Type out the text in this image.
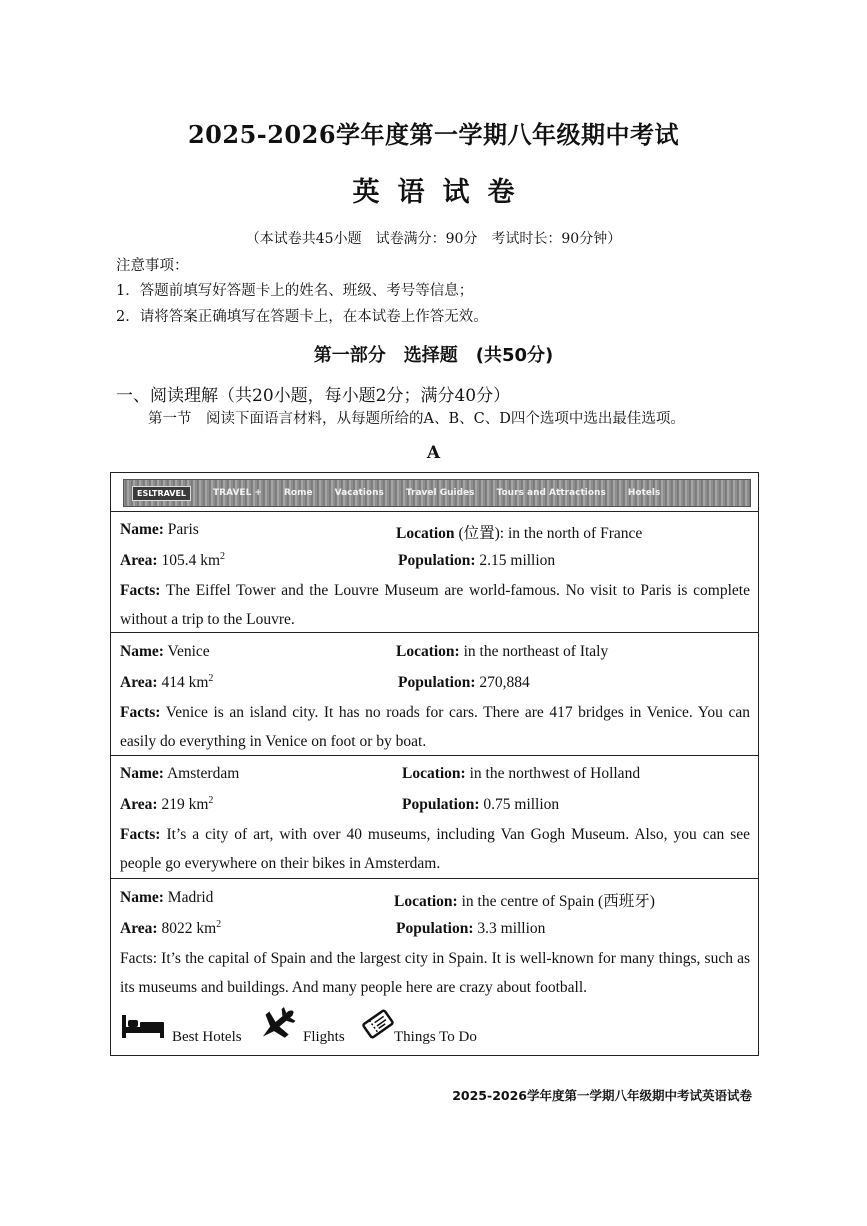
2025-2026学年度第一学期八年级期中考试
英语试卷
（本试卷共45小题　试卷满分：90分　考试时长：90分钟）
注意事项：
1．答题前填写好答题卡上的姓名、班级、考号等信息；
2．请将答案正确填写在答题卡上，在本试卷上作答无效。
第一部分　选择题　(共50分)
一、阅读理解（共20小题，每小题2分；满分40分）
第一节　阅读下面语言材料，从每题所给的A、B、C、D四个选项中选出最佳选项。
A
ESLTRAVEL	TRAVEL + Rome Vacations Travel Guides Tours and Attractions Hotels
Name: Paris	Location (位置): in the north of France
Area: 105.4 $km^2$	Population: 2.15 million
Facts: The Eiffel Tower and the Louvre Museum are world-famous. No visit to Paris is complete without a trip to the Louvre.
Name: Venice	Location: in the northeast of Italy
Area: 414 $km^2$	Population: 270,884
Facts: Venice is an island city. It has no roads for cars. There are 417 bridges in Venice. You can easily do everything in Venice on foot or by boat.
Name: Amsterdam	Location: in the northwest of Holland
Area: 219 $km^2$	Population: 0.75 million
Facts: It’s a city of art, with over 40 museums, including Van Gogh Museum. Also, you can see people go everywhere on their bikes in Amsterdam.
Name: Madrid	Location: in the centre of Spain (西班牙)
Area: 8022 $km^2$	Population: 3.3 million
Facts: It’s the capital of Spain and the largest city in Spain. It is well-known for many things, such as its museums and buildings. And many people here are crazy about football.
Best Hotels	Flights	Things To Do
2025-2026学年度第一学期八年级期中考试英语试卷
